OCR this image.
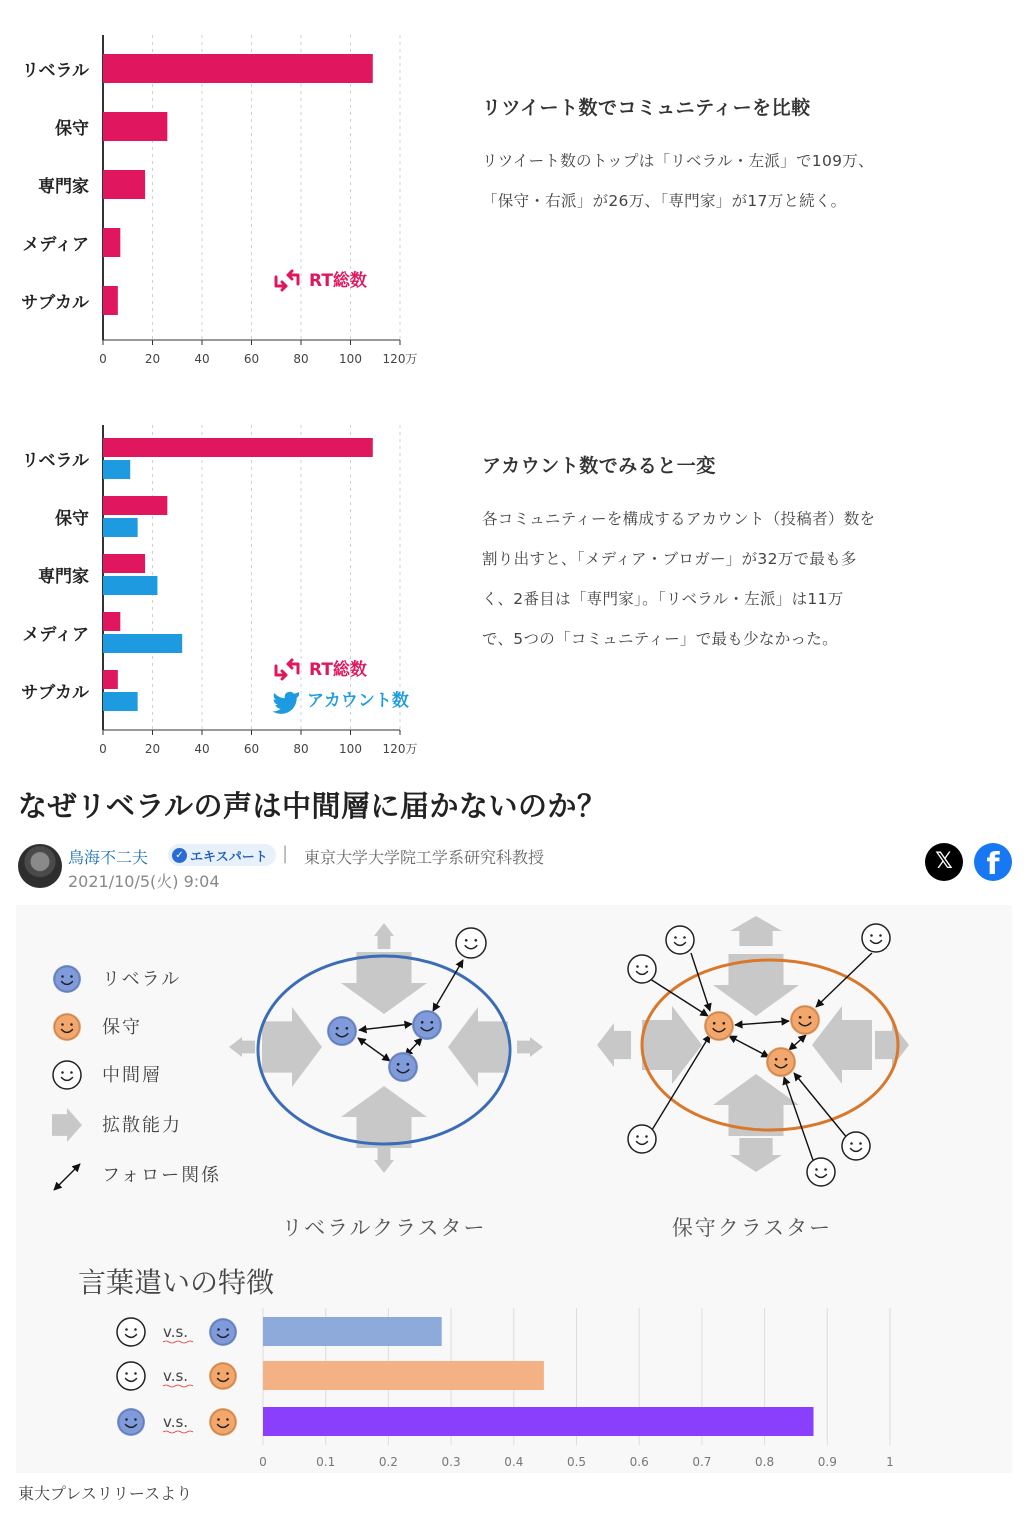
リベラル
保守
専門家
メディア
サブカル
0	20	40	60	80	100 120万
RT総数
リツイート数でコミュニティーを比較

リツイート数のトップは「リベラル・左派」で109万、
「保守・右派」が26万、「専門家」が17万と続く。

リベラル
保守
専門家
メディア
サブカル
0	20	40	60	80	100 120万
RT総数
アカウント数
アカウント数でみると一変

各コミュニティーを構成するアカウント（投稿者）数を
割り出すと、「メディア・ブロガー」が32万で最も多
く、2番目は「専門家」。「リベラル・左派」は11万
で、5つの「コミュニティー」で最も少なかった。

なぜリベラルの声は中間層に届かないのか？
鳥海不二夫	✓ エキスパート | 東京大学大学院工学系研究科教授
2021/10/5(火) 9:04
𝕏	f
リベラル
保守
中間層
拡散能力
フォロー関係
リベラルクラスター	保守クラスター
言葉遣いの特徴
v.s.
v.s.
v.s.
0	0.1	0.2	0.3	0.4	0.5	0.6	0.7	0.8	0.9	1
東大プレスリリースより
